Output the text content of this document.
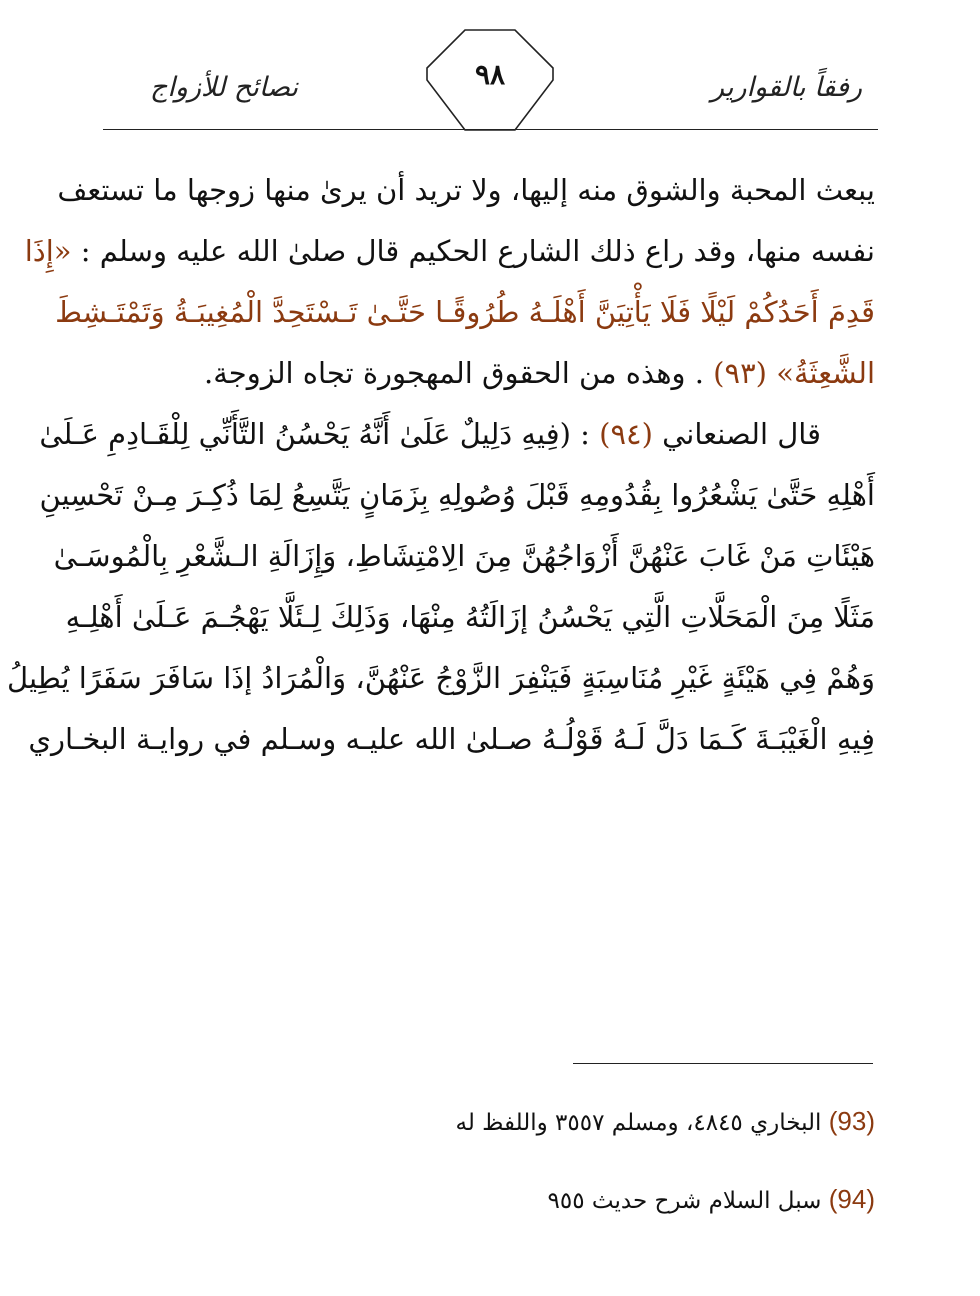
رفقاً بالقوارير
نصائح للأزواج	٩٨
يبعث المحبة والشوق منه إليها، ولا تريد أن يرىٰ منها زوجها ما تستعف
نفسه منها، وقد راع ذلك الشارع الحكيم قال صلىٰ الله عليه وسلم : «إِذَا
قَدِمَ أَحَدُكُمْ لَيْلًا فَلَا يَأْتِيَنَّ أَهْلَـهُ طُرُوقًـا حَتَّـىٰ تَـسْتَحِدَّ الْمُغِيبَـةُ وَتَمْتَـشِطَ
الشَّعِثَةُ» (٩٣) . وهذه من الحقوق المهجورة تجاه الزوجة.
قال الصنعاني (٩٤) : (فِيهِ دَلِيلٌ عَلَىٰ أَنَّهُ يَحْسُنُ التَّأَنِّي لِلْقَـادِمِ عَـلَىٰ
أَهْلِهِ حَتَّىٰ يَشْعُرُوا بِقُدُومِهِ قَبْلَ وُصُولِهِ بِزَمَانٍ يَتَّسِعُ لِمَا ذُكِـرَ مِـنْ تَحْسِينِ
هَيْئَاتِ مَنْ غَابَ عَنْهُنَّ أَزْوَاجُهُنَّ مِنَ الِامْتِشَاطِ، وَإِزَالَةِ الـشَّعْرِ بِالْمُوسَـىٰ
مَثَلًا مِنَ الْمَحَلَّاتِ الَّتِي يَحْسُنُ إزَالَتُهُ مِنْهَا، وَذَلِكَ لِـئَلَّا يَهْجُـمَ عَـلَىٰ أَهْلِـهِ
وَهُمْ فِي هَيْئَةٍ غَيْرِ مُنَاسِبَةٍ فَيَنْفِرَ الزَّوْجُ عَنْهُنَّ، وَالْمُرَادُ إذَا سَافَرَ سَفَرًا يُطِيلُ
فِيهِ الْغَيْبَـةَ كَـمَا دَلَّ لَـهُ قَوْلُـهُ صـلىٰ الله عليـه وسـلم في روايـة البخـاري
(93) البخاري ٤٨٤٥، ومسلم ٣٥٥٧ واللفظ له
(94) سبل السلام شرح حديث ٩٥٥
